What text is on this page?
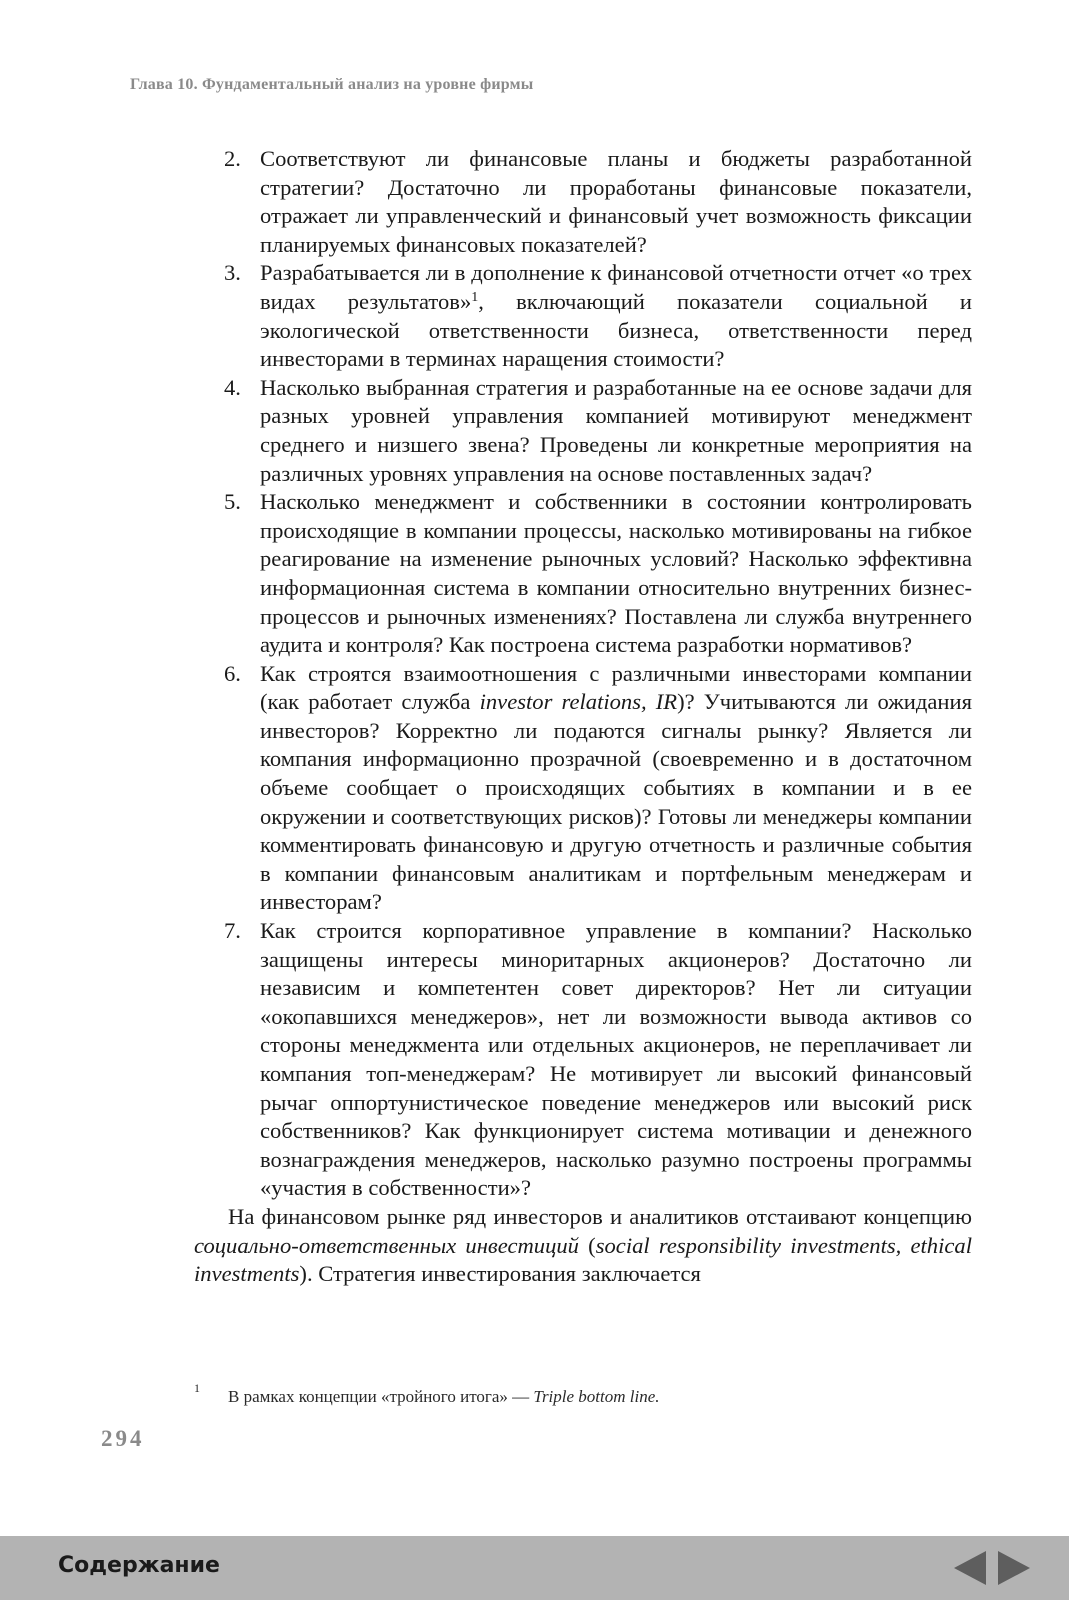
Глава 10. Фундаментальный анализ на уровне фирмы
2. Соответствуют ли финансовые планы и бюджеты разработанной стратегии? Достаточно ли проработаны финансовые показатели, отражает ли управленческий и финансовый учет возможность фиксации планируемых финансовых показателей?
3. Разрабатывается ли в дополнение к финансовой отчетности отчет «о трех видах результатов»$^1$, включающий показатели социальной и экологической ответственности бизнеса, ответственности перед инвесторами в терминах наращения стоимости?
4. Насколько выбранная стратегия и разработанные на ее основе задачи для разных уровней управления компанией мотивируют менеджмент среднего и низшего звена? Проведены ли конкретные мероприятия на различных уровнях управления на основе поставленных задач?
5. Насколько менеджмент и собственники в состоянии контролировать происходящие в компании процессы, насколько мотивированы на гибкое реагирование на изменение рыночных условий? Насколько эффективна информационная система в компании относительно внутренних бизнес-процессов и рыночных изменениях? Поставлена ли служба внутреннего аудита и контроля? Как построена система разработки нормативов?
6. Как строятся взаимоотношения с различными инвесторами компании (как работает служба investor relations, IR)? Учитываются ли ожидания инвесторов? Корректно ли подаются сигналы рынку? Является ли компания информационно прозрачной (своевременно и в достаточном объеме сообщает о происходящих событиях в компании и в ее окружении и соответствующих рисков)? Готовы ли менеджеры компании комментировать финансовую и другую отчетность и различные события в компании финансовым аналитикам и портфельным менеджерам и инвесторам?
7. Как строится корпоративное управление в компании? Насколько защищены интересы миноритарных акционеров? Достаточно ли независим и компетентен совет директоров? Нет ли ситуации «окопавшихся менеджеров», нет ли возможности вывода активов со стороны менеджмента или отдельных акционеров, не переплачивает ли компания топ-менеджерам? Не мотивирует ли высокий финансовый рычаг оппортунистическое поведение менеджеров или высокий риск собственников? Как функционирует система мотивации и денежного вознаграждения менеджеров, насколько разумно построены программы «участия в собственности»?

На финансовом рынке ряд инвесторов и аналитиков отстаивают концепцию социально-ответственных инвестиций (social responsibility investments, ethical investments). Стратегия инвестирования заключается

1 В рамках концепции «тройного итога» — Triple bottom line.
294
Содержание
